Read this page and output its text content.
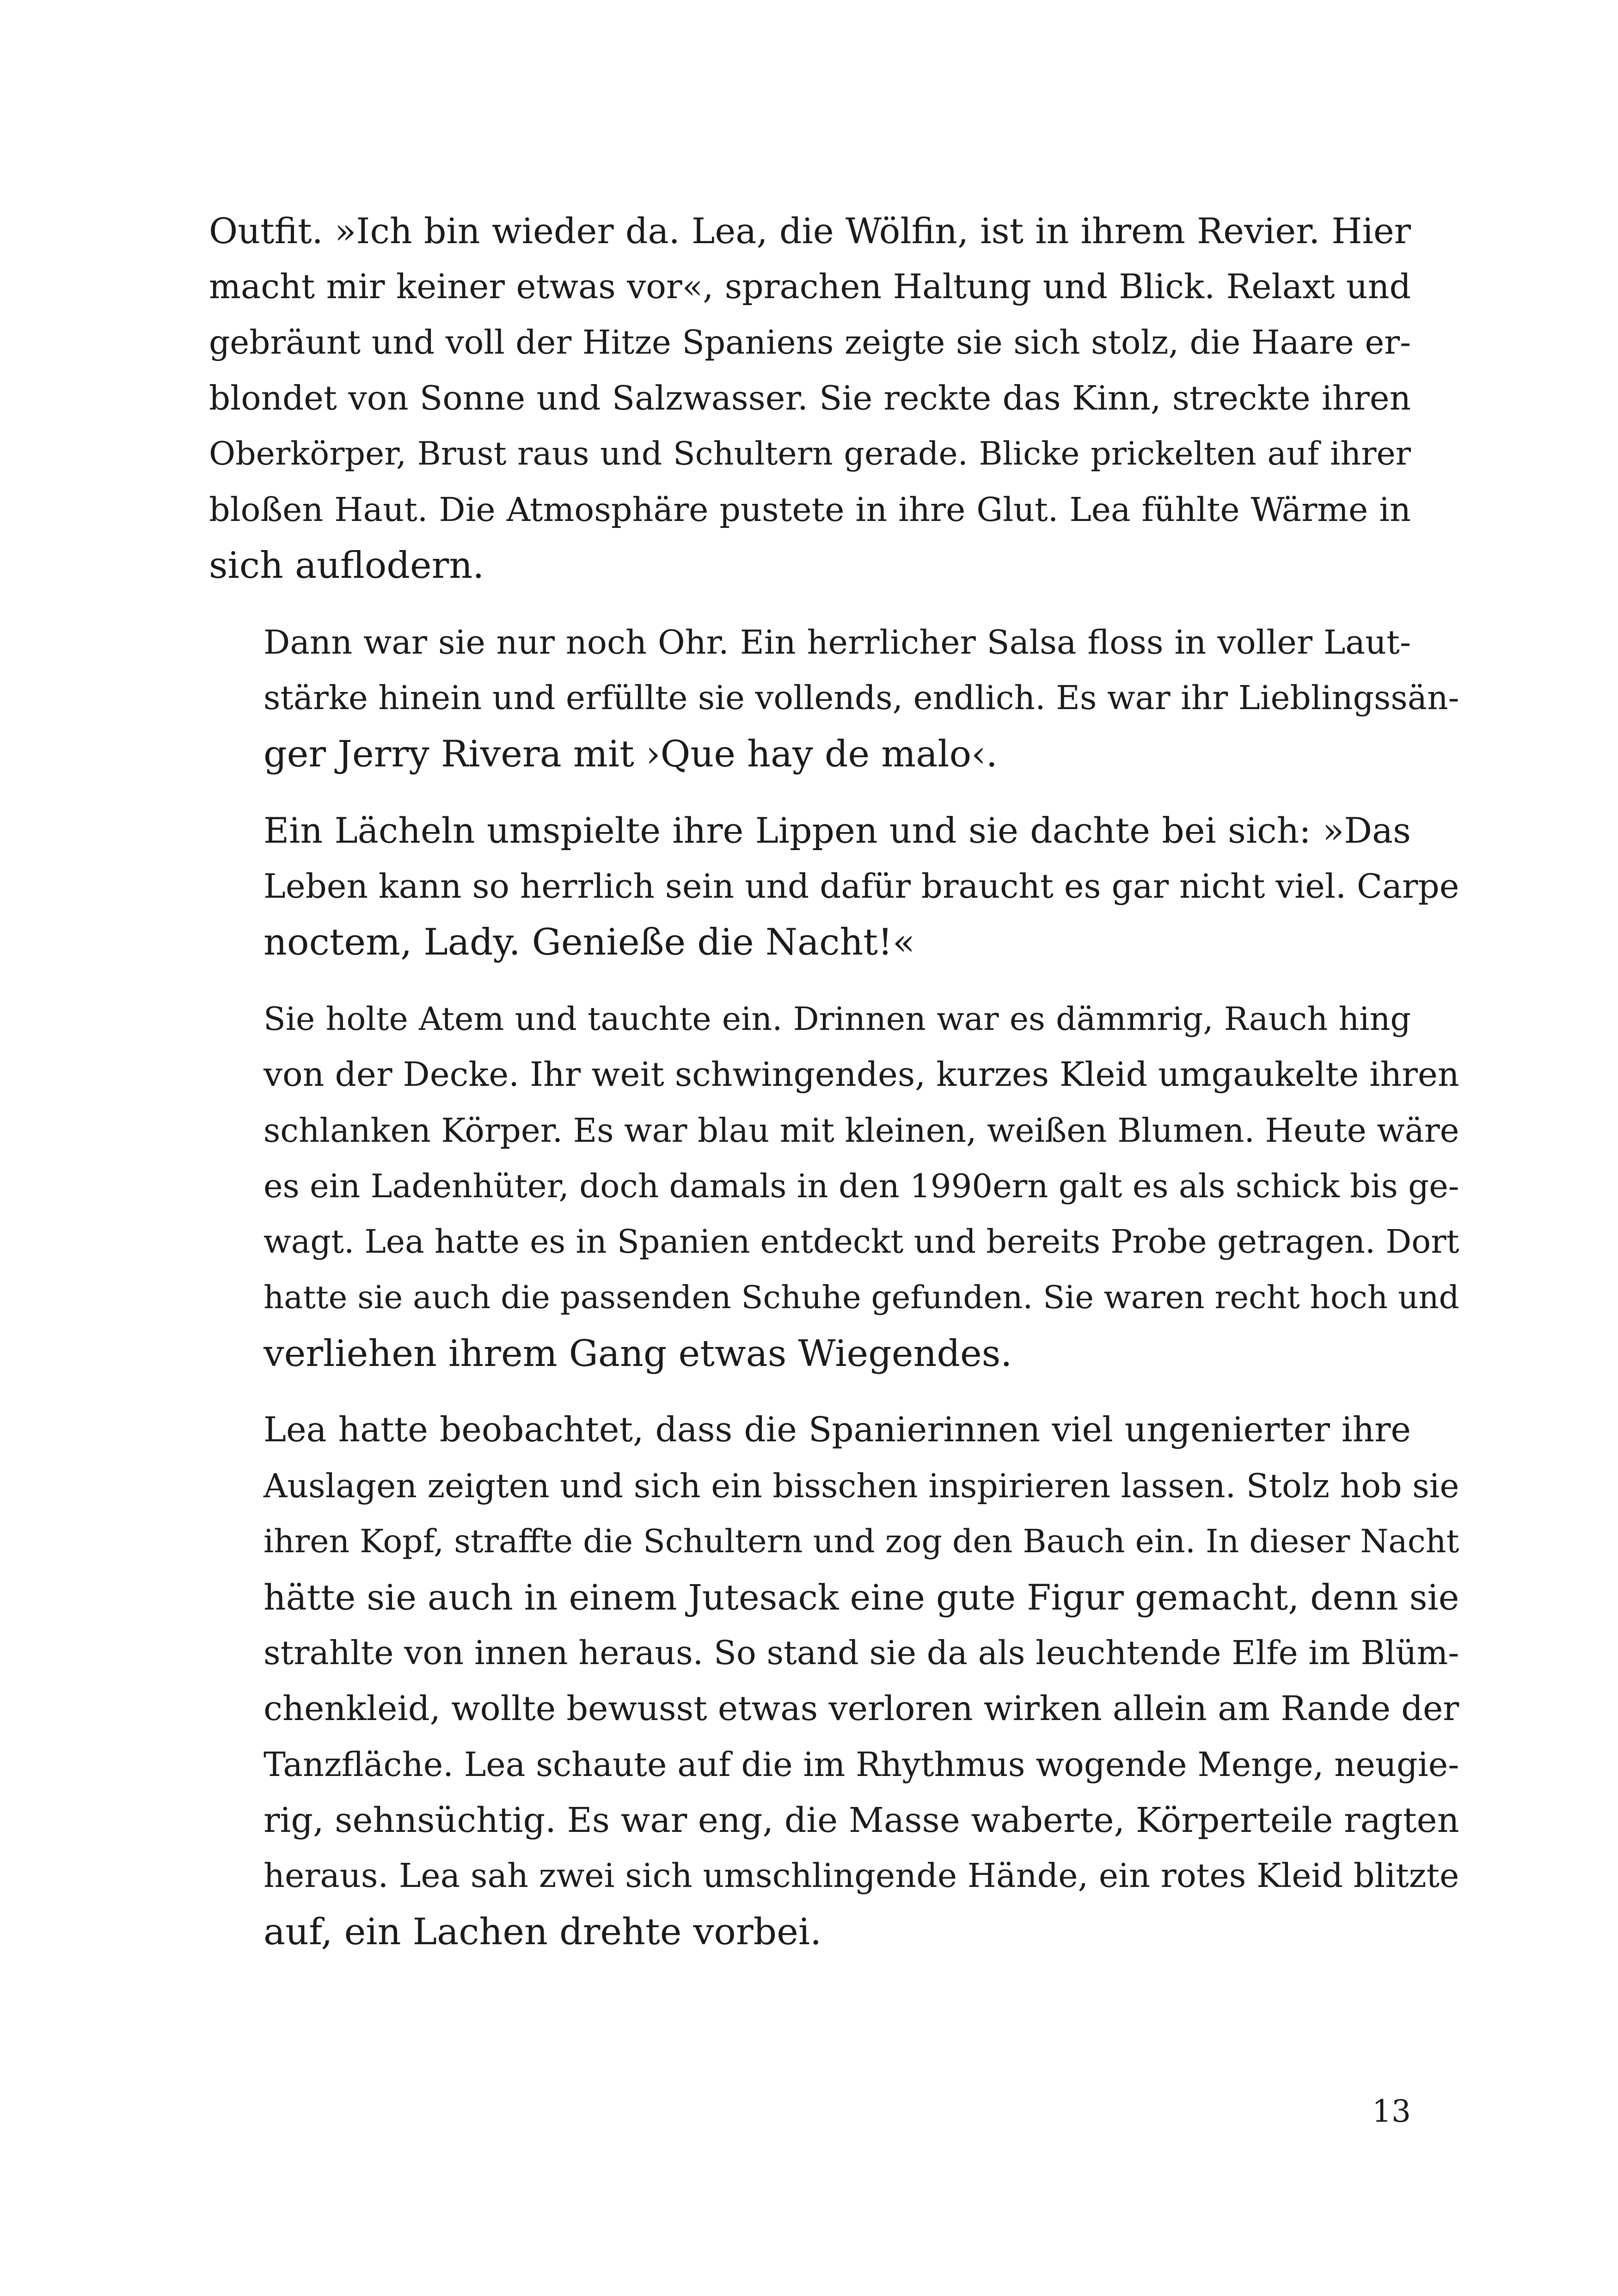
Outfit. »Ich bin wieder da. Lea, die Wölfin, ist in ihrem Revier. Hier
macht mir keiner etwas vor«, sprachen Haltung und Blick. Relaxt und
gebräunt und voll der Hitze Spaniens zeigte sie sich stolz, die Haare er-
blondet von Sonne und Salzwasser. Sie reckte das Kinn, streckte ihren
Oberkörper, Brust raus und Schultern gerade. Blicke prickelten auf ihrer
bloßen Haut. Die Atmosphäre pustete in ihre Glut. Lea fühlte Wärme in
sich auflodern.

Dann war sie nur noch Ohr. Ein herrlicher Salsa floss in voller Laut-
stärke hinein und erfüllte sie vollends, endlich. Es war ihr Lieblingssän-
ger Jerry Rivera mit ›Que hay de malo‹.

Ein Lächeln umspielte ihre Lippen und sie dachte bei sich: »Das
Leben kann so herrlich sein und dafür braucht es gar nicht viel. Carpe
noctem, Lady. Genieße die Nacht!«

Sie holte Atem und tauchte ein. Drinnen war es dämmrig, Rauch hing
von der Decke. Ihr weit schwingendes, kurzes Kleid umgaukelte ihren
schlanken Körper. Es war blau mit kleinen, weißen Blumen. Heute wäre
es ein Ladenhüter, doch damals in den 1990ern galt es als schick bis ge-
wagt. Lea hatte es in Spanien entdeckt und bereits Probe getragen. Dort
hatte sie auch die passenden Schuhe gefunden. Sie waren recht hoch und
verliehen ihrem Gang etwas Wiegendes.

Lea hatte beobachtet, dass die Spanierinnen viel ungenierter ihre
Auslagen zeigten und sich ein bisschen inspirieren lassen. Stolz hob sie
ihren Kopf, straffte die Schultern und zog den Bauch ein. In dieser Nacht
hätte sie auch in einem Jutesack eine gute Figur gemacht, denn sie
strahlte von innen heraus. So stand sie da als leuchtende Elfe im Blüm-
chenkleid, wollte bewusst etwas verloren wirken allein am Rande der
Tanzfläche. Lea schaute auf die im Rhythmus wogende Menge, neugie-
rig, sehnsüchtig. Es war eng, die Masse waberte, Körperteile ragten
heraus. Lea sah zwei sich umschlingende Hände, ein rotes Kleid blitzte
auf, ein Lachen drehte vorbei.

13
